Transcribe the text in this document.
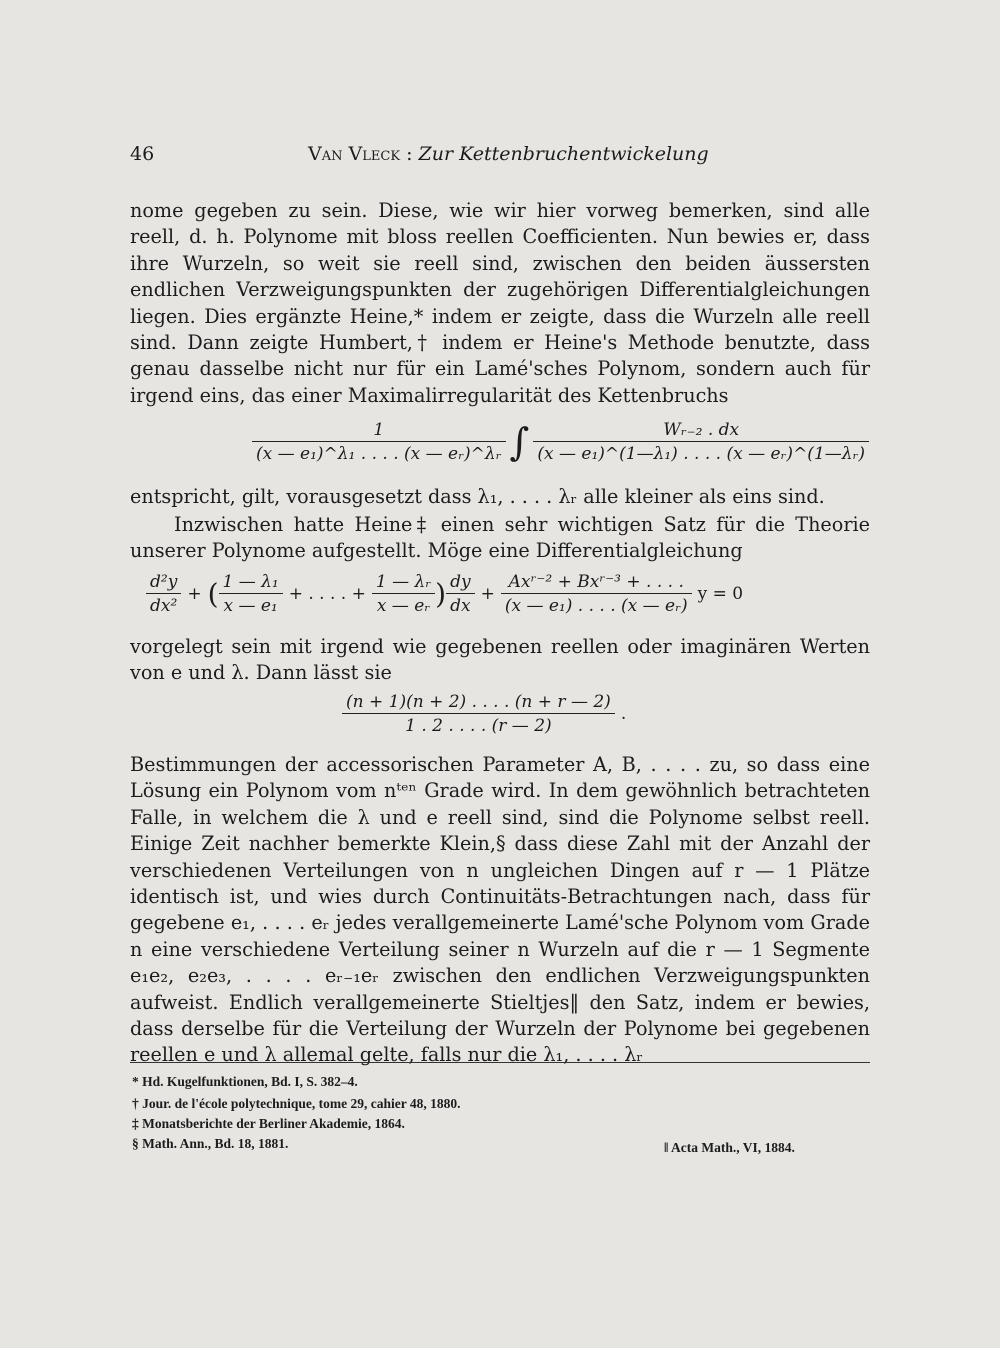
46	Van Vleck : Zur Kettenbruchentwickelung

nome gegeben zu sein. Diese, wie wir hier vorweg bemerken, sind alle reell, d. h. Polynome mit bloss reellen Coefficienten. Nun bewies er, dass ihre Wurzeln, so weit sie reell sind, zwischen den beiden äussersten endlichen Verzweigungspunkten der zugehörigen Differentialgleichungen liegen. Dies ergänzte Heine,* indem er zeigte, dass die Wurzeln alle reell sind. Dann zeigte Humbert,† indem er Heine's Methode benutzte, dass genau dasselbe nicht nur für ein Lamé'sches Polynom, sondern auch für irgend eins, das einer Maximalirregularität des Kettenbruchs

$\frac{1}{\text{(x — e₁)\textasciicircum{}λ₁ . . . . (x — eᵣ)\textasciicircum{}λᵣ}}$ ∫ $\frac{\text{Wᵣ₋₂ . dx}}{\text{(x — e₁)\textasciicircum{}(1—λ₁) . . . . (x — eᵣ)\textasciicircum{}(1—λᵣ)}}$

entspricht, gilt, vorausgesetzt dass λ₁, . . . . λᵣ alle kleiner als eins sind.

Inzwischen hatte Heine‡ einen sehr wichtigen Satz für die Theorie unserer Polynome aufgestellt. Möge eine Differentialgleichung

$\frac{\text{d²y}}{\text{dx²}}$ + ( $\frac{\text{1 — λ₁}}{\text{x — e₁}}$ + . . . . + $\frac{\text{1 — λᵣ}}{\text{x — eᵣ}}$ ) $\frac{dy}{dx} + \frac{\text{Axʳ⁻² + Bxʳ⁻³ + . . . .}}{\text{(x — e₁) . . . . (x — eᵣ)}}$ y = 0

vorgelegt sein mit irgend wie gegebenen reellen oder imaginären Werten von e und λ. Dann lässt sie

$\frac{(n + 1)(n + 2) . . . . (n + r — 2)}{1 . 2 . . . . (r — 2)}$ .

Bestimmungen der accessorischen Parameter A, B, . . . . zu, so dass eine Lösung ein Polynom vom nᵗᵉⁿ Grade wird. In dem gewöhnlich betrachteten Falle, in welchem die λ und e reell sind, sind die Polynome selbst reell. Einige Zeit nachher bemerkte Klein,§ dass diese Zahl mit der Anzahl der verschiedenen Verteilungen von n ungleichen Dingen auf r — 1 Plätze identisch ist, und wies durch Continuitäts-Betrachtungen nach, dass für gegebene e₁, . . . . eᵣ jedes verallgemeinerte Lamé'sche Polynom vom Grade n eine verschiedene Verteilung seiner n Wurzeln auf die r — 1 Segmente e₁e₂, e₂e₃, . . . . eᵣ₋₁eᵣ zwischen den endlichen Verzweigungspunkten aufweist. Endlich verallgemeinerte Stieltjes‖ den Satz, indem er bewies, dass derselbe für die Verteilung der Wurzeln der Polynome bei gegebenen reellen e und λ allemal gelte, falls nur die λ₁, . . . . λᵣ

* Hd. Kugelfunktionen, Bd. I, S. 382–4.
† Jour. de l'école polytechnique, tome 29, cahier 48, 1880.
‡ Monatsberichte der Berliner Akademie, 1864.
§ Math. Ann., Bd. 18, 1881.	‖ Acta Math., VI, 1884.
